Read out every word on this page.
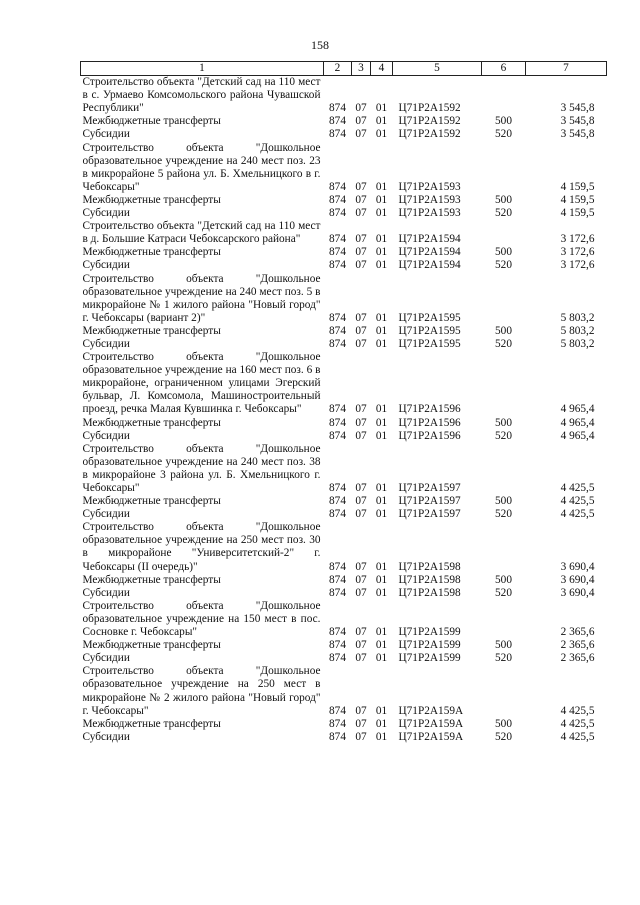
158
1	2	3	4	5	6	7
Строительство объекта "Детский сад на 110 мест в с. Урмаево Комсомольского района Чувашской Республики"	874	07	01	Ц71Р2А1592		3 545,8
Межбюджетные трансферты	874	07	01	Ц71Р2А1592	500	3 545,8
Субсидии	874	07	01	Ц71Р2А1592	520	3 545,8
Строительство объекта "Дошкольное образовательное учреждение на 240 мест поз. 23 в микрорайоне 5 района ул. Б. Хмельницкого в г. Чебоксары"	874	07	01	Ц71Р2А1593		4 159,5
Межбюджетные трансферты	874	07	01	Ц71Р2А1593	500	4 159,5
Субсидии	874	07	01	Ц71Р2А1593	520	4 159,5
Строительство объекта "Детский сад на 110 мест в д. Большие Катраси Чебоксарского района"	874	07	01	Ц71Р2А1594		3 172,6
Межбюджетные трансферты	874	07	01	Ц71Р2А1594	500	3 172,6
Субсидии	874	07	01	Ц71Р2А1594	520	3 172,6
Строительство объекта "Дошкольное образовательное учреждение на 240 мест поз. 5 в микрорайоне № 1 жилого района "Новый город" г. Чебоксары (вариант 2)"	874	07	01	Ц71Р2А1595		5 803,2
Межбюджетные трансферты	874	07	01	Ц71Р2А1595	500	5 803,2
Субсидии	874	07	01	Ц71Р2А1595	520	5 803,2
Строительство объекта "Дошкольное образовательное учреждение на 160 мест поз. 6 в микрорайоне, ограниченном улицами Эгерский бульвар, Л. Комсомола, Машиностроительный проезд, речка Малая Кувшинка г. Чебоксары"	874	07	01	Ц71Р2А1596		4 965,4
Межбюджетные трансферты	874	07	01	Ц71Р2А1596	500	4 965,4
Субсидии	874	07	01	Ц71Р2А1596	520	4 965,4
Строительство объекта "Дошкольное образовательное учреждение на 240 мест поз. 38 в микрорайоне 3 района ул. Б. Хмельницкого г. Чебоксары"	874	07	01	Ц71Р2А1597		4 425,5
Межбюджетные трансферты	874	07	01	Ц71Р2А1597	500	4 425,5
Субсидии	874	07	01	Ц71Р2А1597	520	4 425,5
Строительство объекта "Дошкольное образовательное учреждение на 250 мест поз. 30 в микрорайоне "Университетский-2" г. Чебоксары (II очередь)"	874	07	01	Ц71Р2А1598		3 690,4
Межбюджетные трансферты	874	07	01	Ц71Р2А1598	500	3 690,4
Субсидии	874	07	01	Ц71Р2А1598	520	3 690,4
Строительство объекта "Дошкольное образовательное учреждение на 150 мест в пос. Сосновке г. Чебоксары"	874	07	01	Ц71Р2А1599		2 365,6
Межбюджетные трансферты	874	07	01	Ц71Р2А1599	500	2 365,6
Субсидии	874	07	01	Ц71Р2А1599	520	2 365,6
Строительство объекта "Дошкольное образовательное учреждение на 250 мест в микрорайоне № 2 жилого района "Новый город" г. Чебоксары"	874	07	01	Ц71Р2А159А		4 425,5
Межбюджетные трансферты	874	07	01	Ц71Р2А159А	500	4 425,5
Субсидии	874	07	01	Ц71Р2А159А	520	4 425,5
